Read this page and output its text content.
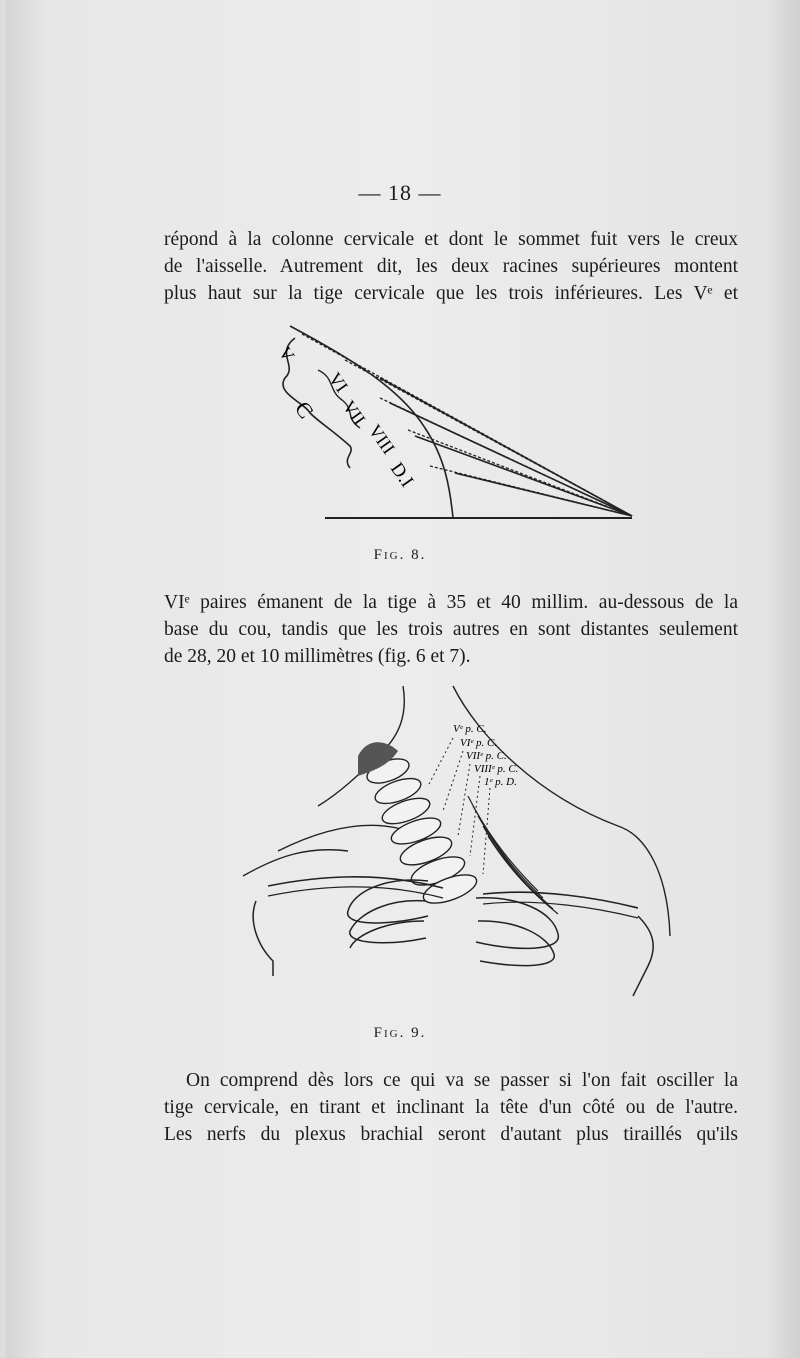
— 18 —

répond à la colonne cervicale et dont le sommet fuit vers le creux
de l'aisselle. Autrement dit, les deux racines supérieures montent
plus haut sur la tige cervicale que les trois inférieures. Les Vᵉ et

V
VI
C VII
VIII
D.I
Fig. 8.

VIᵉ paires émanent de la tige à 35 et 40 millim. au-dessous de la
base du cou, tandis que les trois autres en sont distantes seulement
de 28, 20 et 10 millimètres (fig. 6 et 7).

Vᵉ p. C.
VIᵉ p. C.
VIIᵉ p. C.
VIIIᵉ p. C.
1ᵉ p. D.
Fig. 9.

On comprend dès lors ce qui va se passer si l'on fait osciller la
tige cervicale, en tirant et inclinant la tête d'un côté ou de l'autre.
Les nerfs du plexus brachial seront d'autant plus tiraillés qu'ils
